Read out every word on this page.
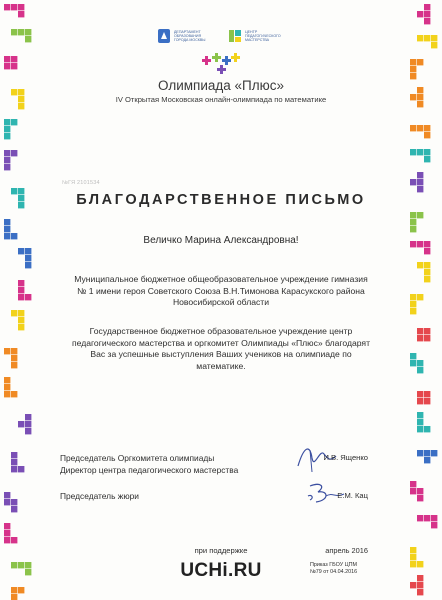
ДЕПАРТАМЕНТ
ОБРАЗОВАНИЯ
ГОРОДА МОСКВЫ
ЦЕНТР
ПЕДАГОГИЧЕСКОГО
МАСТЕРСТВА
Олимпиада «Плюс»
IV Открытая Московская онлайн-олимпиада по математике
№ГЯ 2101534
БЛАГОДАРСТВЕННОЕ ПИСЬМО
Величко Марина Александровна!
Муниципальное бюджетное общеобразовательное учреждение гимназия
№ 1 имени героя Советского Союза В.Н.Тимонова Карасукского района
Новосибирской области
Государственное бюджетное образовательное учреждение центр
педагогического мастерства и оргкомитет Олимпиады «Плюс» благодарят
Вас за успешные выступления Ваших учеников на олимпиаде по
математике.
Председатель Оргкомитета олимпиады
Директор центра педагогического мастерства
И.В. Ященко
Председатель жюри	Е.М. Кац
при поддержке
UCHi.RU
апрель 2016
Приказ ГБОУ ЦПМ
№79 от 04.04.2016
